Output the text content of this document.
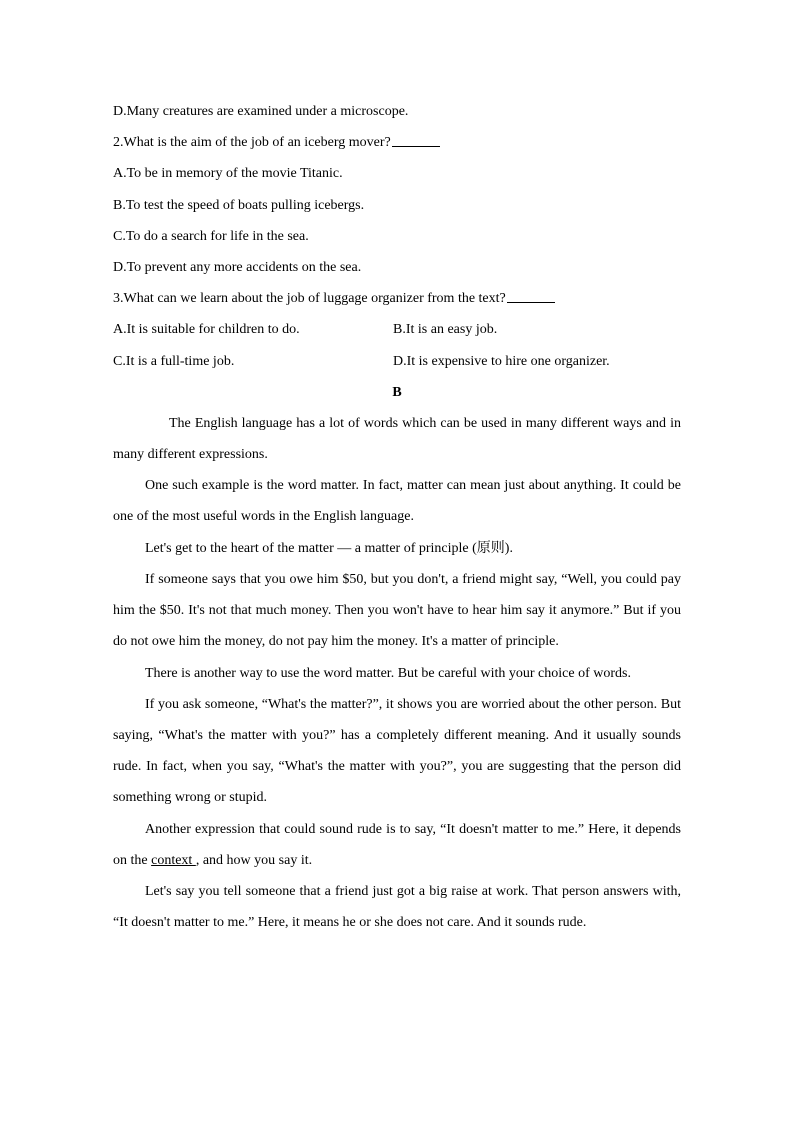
D.Many creatures are examined under a microscope.
2.What is the aim of the job of an iceberg mover?
A.To be in memory of the movie Titanic.
B.To test the speed of boats pulling icebergs.
C.To do a search for life in the sea.
D.To prevent any more accidents on the sea.
3.What can we learn about the job of luggage organizer from the text?
A.It is suitable for children to do.	B.It is an easy job.
C.It is a full-time job.	D.It is expensive to hire one organizer.
B
The English language has a lot of words which can be used in many different ways and in many different expressions.
One such example is the word matter. In fact, matter can mean just about anything. It could be one of the most useful words in the English language.
Let's get to the heart of the matter — a matter of principle (原则).
If someone says that you owe him $50, but you don't, a friend might say, “Well, you could pay him the $50. It's not that much money. Then you won't have to hear him say it anymore.” But if you do not owe him the money, do not pay him the money. It's a matter of principle.
There is another way to use the word matter. But be careful with your choice of words.
If you ask someone, “What's the matter?”, it shows you are worried about the other person. But saying, “What's the matter with you?” has a completely different meaning. And it usually sounds rude. In fact, when you say, “What's the matter with you?”, you are suggesting that the person did something wrong or stupid.
Another expression that could sound rude is to say, “It doesn't matter to me.” Here, it depends on the context , and how you say it.
Let's say you tell someone that a friend just got a big raise at work. That person answers with, “It doesn't matter to me.” Here, it means he or she does not care. And it sounds rude.
